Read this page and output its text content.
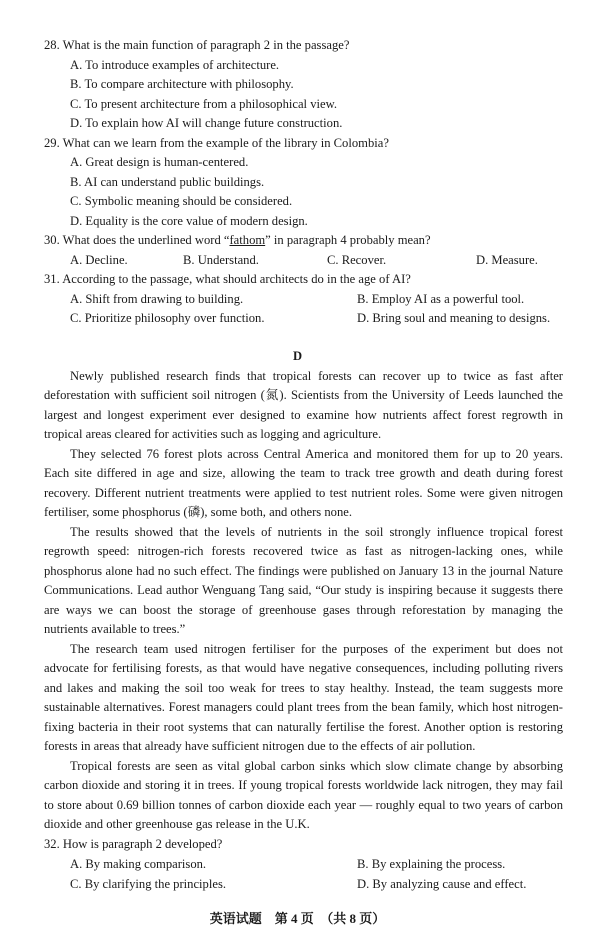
28. What is the main function of paragraph 2 in the passage?
A. To introduce examples of architecture.
B. To compare architecture with philosophy.
C. To present architecture from a philosophical view.
D. To explain how AI will change future construction.
29. What can we learn from the example of the library in Colombia?
A. Great design is human-centered.
B. AI can understand public buildings.
C. Symbolic meaning should be considered.
D. Equality is the core value of modern design.
30. What does the underlined word “fathom” in paragraph 4 probably mean?
A. Decline.	B. Understand.	C. Recover.	D. Measure.
31. According to the passage, what should architects do in the age of AI?
A. Shift from drawing to building.	B. Employ AI as a powerful tool.
C. Prioritize philosophy over function.	D. Bring soul and meaning to designs.
D

Newly published research finds that tropical forests can recover up to twice as fast after deforestation with sufficient soil nitrogen (氮). Scientists from the University of Leeds launched the largest and longest experiment ever designed to examine how nutrients affect forest regrowth in tropical areas cleared for activities such as logging and agriculture.

They selected 76 forest plots across Central America and monitored them for up to 20 years. Each site differed in age and size, allowing the team to track tree growth and death during forest recovery. Different nutrient treatments were applied to test nutrient roles. Some were given nitrogen fertiliser, some phosphorus (磷), some both, and others none.

The results showed that the levels of nutrients in the soil strongly influence tropical forest regrowth speed: nitrogen-rich forests recovered twice as fast as nitrogen-lacking ones, while phosphorus alone had no such effect. The findings were published on January 13 in the journal Nature Communications. Lead author Wenguang Tang said, “Our study is inspiring because it suggests there are ways we can boost the storage of greenhouse gases through reforestation by managing the nutrients available to trees.”

The research team used nitrogen fertiliser for the purposes of the experiment but does not advocate for fertilising forests, as that would have negative consequences, including polluting rivers and lakes and making the soil too weak for trees to stay healthy. Instead, the team suggests more sustainable alternatives. Forest managers could plant trees from the bean family, which host nitrogen-fixing bacteria in their root systems that can naturally fertilise the forest. Another option is restoring forests in areas that already have sufficient nitrogen due to the effects of air pollution.

Tropical forests are seen as vital global carbon sinks which slow climate change by absorbing carbon dioxide and storing it in trees. If young tropical forests worldwide lack nitrogen, they may fail to store about 0.69 billion tonnes of carbon dioxide each year — roughly equal to two years of carbon dioxide and other greenhouse gas release in the U.K.

32. How is paragraph 2 developed?
A. By making comparison.	B. By explaining the process.
C. By clarifying the principles.	D. By analyzing cause and effect.
英语试题　第 4 页　（共 8 页）
